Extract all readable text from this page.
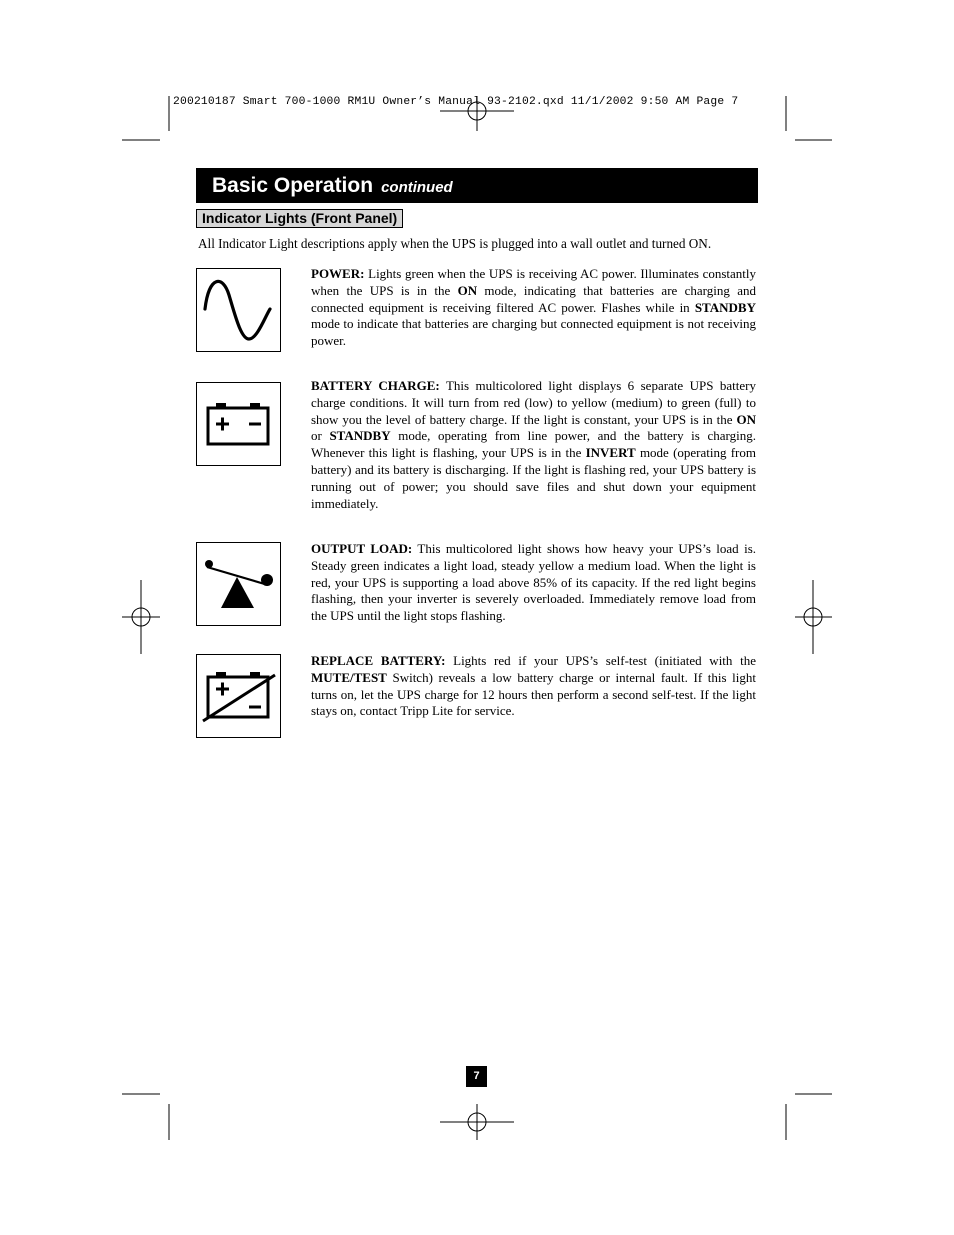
200210187 Smart 700-1000 RM1U Owner’s Manual 93-2102.qxd 11/1/2002 9:50 AM Page 7
Basic Operation continued
Indicator Lights (Front Panel)
All Indicator Light descriptions apply when the UPS is plugged into a wall outlet and turned ON.
POWER: Lights green when the UPS is receiving AC power. Illuminates constantly when the UPS is in the ON mode, indicating that batteries are charging and connected equipment is receiving filtered AC power. Flashes while in STANDBY mode to indicate that batteries are charging but connected equipment is not receiving power.
BATTERY CHARGE: This multicolored light displays 6 separate UPS battery charge conditions. It will turn from red (low) to yellow (medium) to green (full) to show you the level of battery charge. If the light is constant, your UPS is in the ON or STANDBY mode, operating from line power, and the battery is charging. Whenever this light is flashing, your UPS is in the INVERT mode (operating from battery) and its battery is discharging. If the light is flashing red, your UPS battery is running out of power; you should save files and shut down your equipment immediately.
OUTPUT LOAD: This multicolored light shows how heavy your UPS’s load is. Steady green indicates a light load, steady yellow a medium load. When the light is red, your UPS is supporting a load above 85% of its capacity. If the red light begins flashing, then your inverter is severely overloaded. Immediately remove load from the UPS until the light stops flashing.
REPLACE BATTERY: Lights red if your UPS’s self-test (initiated with the MUTE/TEST Switch) reveals a low battery charge or internal fault. If this light turns on, let the UPS charge for 12 hours then perform a second self-test. If the light stays on, contact Tripp Lite for service.
7
